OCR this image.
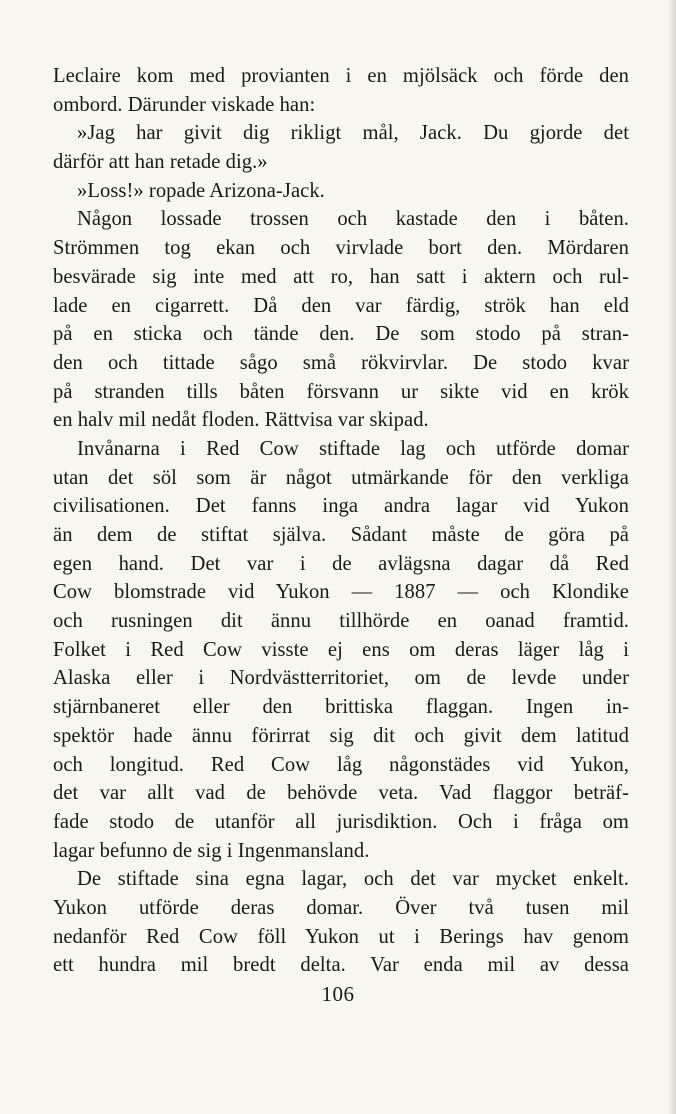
Leclaire kom med provianten i en mjölsäck och förde den
ombord. Därunder viskade han:
»Jag har givit dig rikligt mål, Jack. Du gjorde det
därför att han retade dig.»
»Loss!» ropade Arizona-Jack.
Någon lossade trossen och kastade den i båten.
Strömmen tog ekan och virvlade bort den. Mördaren
besvärade sig inte med att ro, han satt i aktern och rul-
lade en cigarrett. Då den var färdig, strök han eld
på en sticka och tände den. De som stodo på stran-
den och tittade sågo små rökvirvlar. De stodo kvar
på stranden tills båten försvann ur sikte vid en krök
en halv mil nedåt floden. Rättvisa var skipad.
Invånarna i Red Cow stiftade lag och utförde domar
utan det söl som är något utmärkande för den verkliga
civilisationen. Det fanns inga andra lagar vid Yukon
än dem de stiftat själva. Sådant måste de göra på
egen hand. Det var i de avlägsna dagar då Red
Cow blomstrade vid Yukon — 1887 — och Klondike
och rusningen dit ännu tillhörde en oanad framtid.
Folket i Red Cow visste ej ens om deras läger låg i
Alaska eller i Nordvästterritoriet, om de levde under
stjärnbaneret eller den brittiska flaggan. Ingen in-
spektör hade ännu förirrat sig dit och givit dem latitud
och longitud. Red Cow låg någonstädes vid Yukon,
det var allt vad de behövde veta. Vad flaggor beträf-
fade stodo de utanför all jurisdiktion. Och i fråga om
lagar befunno de sig i Ingenmansland.
De stiftade sina egna lagar, och det var mycket enkelt.
Yukon utförde deras domar. Över två tusen mil
nedanför Red Cow föll Yukon ut i Berings hav genom
ett hundra mil bredt delta. Var enda mil av dessa
106
